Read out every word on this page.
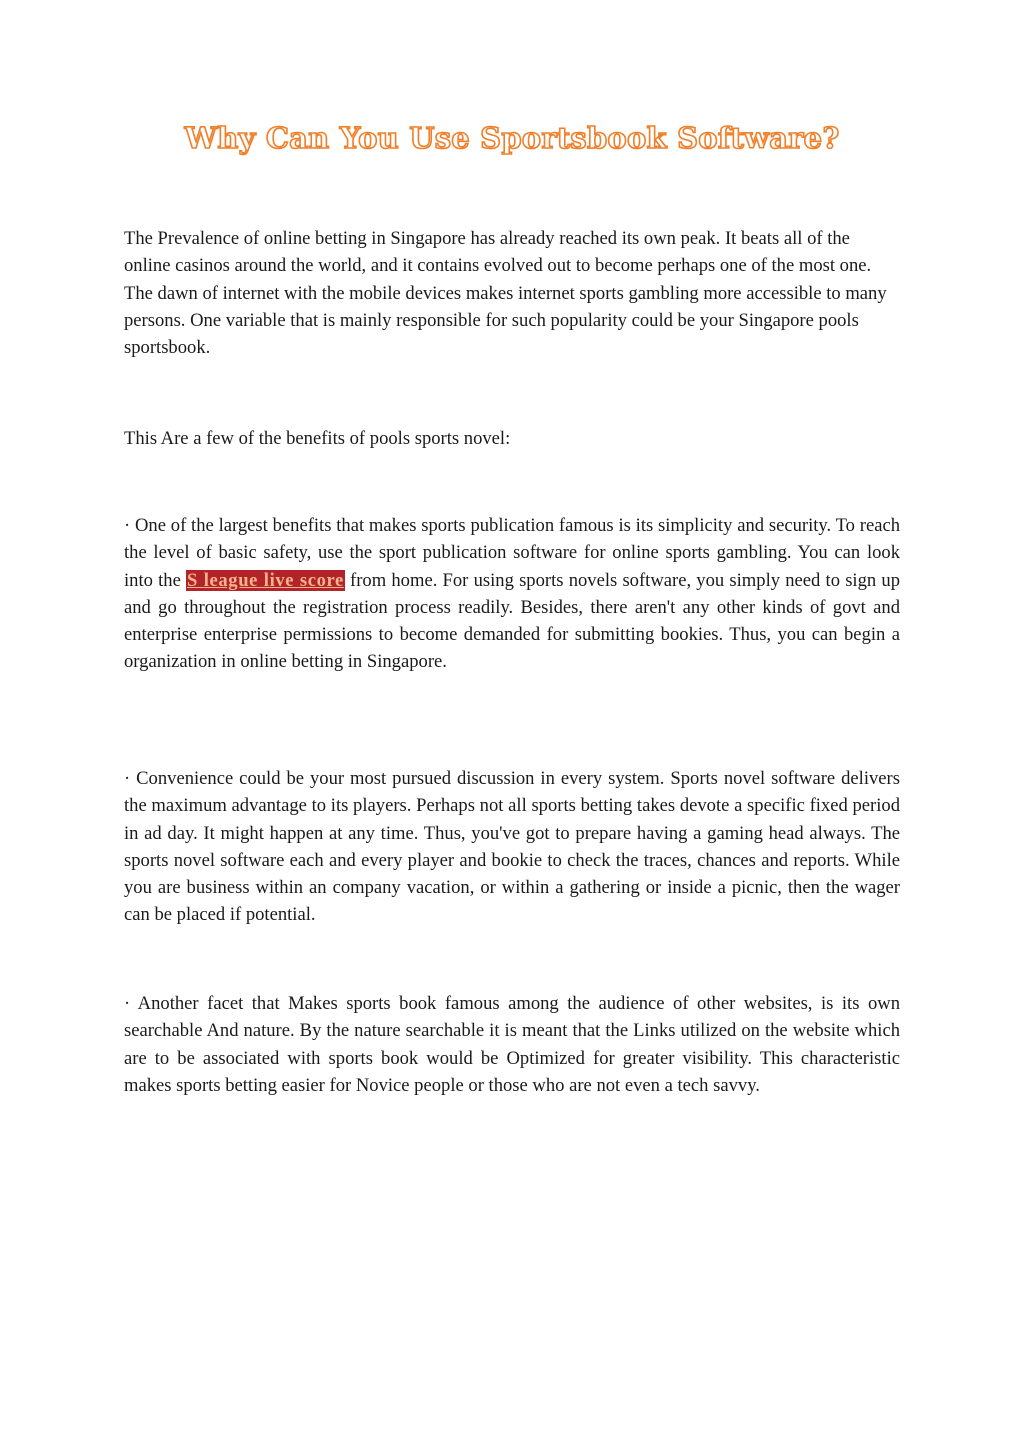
Why Can You Use Sportsbook Software?

The Prevalence of online betting in Singapore has already reached its own peak. It beats all of the online casinos around the world, and it contains evolved out to become perhaps one of the most one. The dawn of internet with the mobile devices makes internet sports gambling more accessible to many persons. One variable that is mainly responsible for such popularity could be your Singapore pools sportsbook.

This Are a few of the benefits of pools sports novel:

· One of the largest benefits that makes sports publication famous is its simplicity and security. To reach the level of basic safety, use the sport publication software for online sports gambling. You can look into the S league live score from home. For using sports novels software, you simply need to sign up and go throughout the registration process readily. Besides, there aren't any other kinds of govt and enterprise enterprise permissions to become demanded for submitting bookies. Thus, you can begin a organization in online betting in Singapore.

· Convenience could be your most pursued discussion in every system. Sports novel software delivers the maximum advantage to its players. Perhaps not all sports betting takes devote a specific fixed period in ad day. It might happen at any time. Thus, you've got to prepare having a gaming head always. The sports novel software each and every player and bookie to check the traces, chances and reports. While you are business within an company vacation, or within a gathering or inside a picnic, then the wager can be placed if potential.

· Another facet that Makes sports book famous among the audience of other websites, is its own searchable And nature. By the nature searchable it is meant that the Links utilized on the website which are to be associated with sports book would be Optimized for greater visibility. This characteristic makes sports betting easier for Novice people or those who are not even a tech savvy.
